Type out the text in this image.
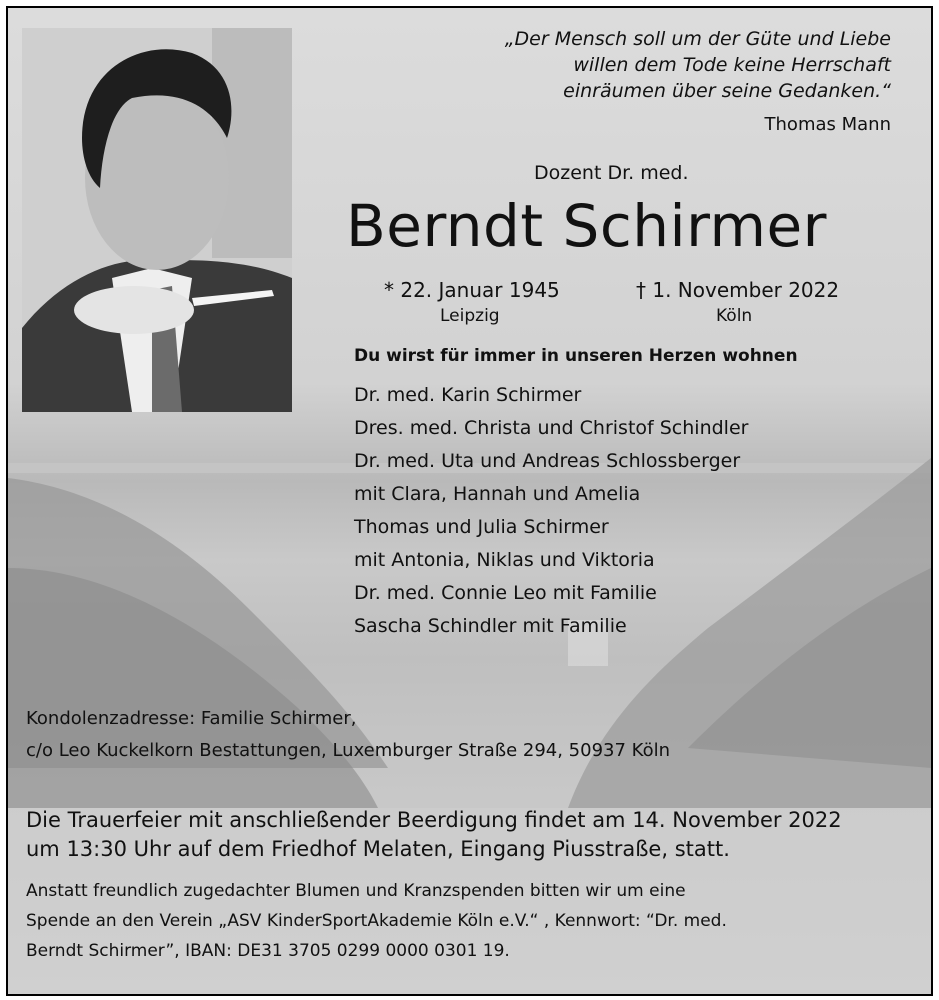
„Der Mensch soll um der Güte und Liebe
willen dem Tode keine Herrschaft
einräumen über seine Gedanken.“
Thomas Mann
Dozent Dr. med.
Berndt Schirmer
* 22. Januar 1945	† 1. November 2022
Leipzig	Köln
Du wirst für immer in unseren Herzen wohnen
Dr. med. Karin Schirmer
Dres. med. Christa und Christof Schindler
Dr. med. Uta und Andreas Schlossberger
mit Clara, Hannah und Amelia
Thomas und Julia Schirmer
mit Antonia, Niklas und Viktoria
Dr. med. Connie Leo mit Familie
Sascha Schindler mit Familie
Kondolenzadresse: Familie Schirmer,
c/o Leo Kuckelkorn Bestattungen, Luxemburger Straße 294, 50937 Köln
Die Trauerfeier mit anschließender Beerdigung findet am 14. November 2022
um 13:30 Uhr auf dem Friedhof Melaten, Eingang Piusstraße, statt.
Anstatt freundlich zugedachter Blumen und Kranzspenden bitten wir um eine
Spende an den Verein „ASV KinderSportAkademie Köln e.V.“ , Kennwort: “Dr. med.
Berndt Schirmer”, IBAN: DE31 3705 0299 0000 0301 19.
